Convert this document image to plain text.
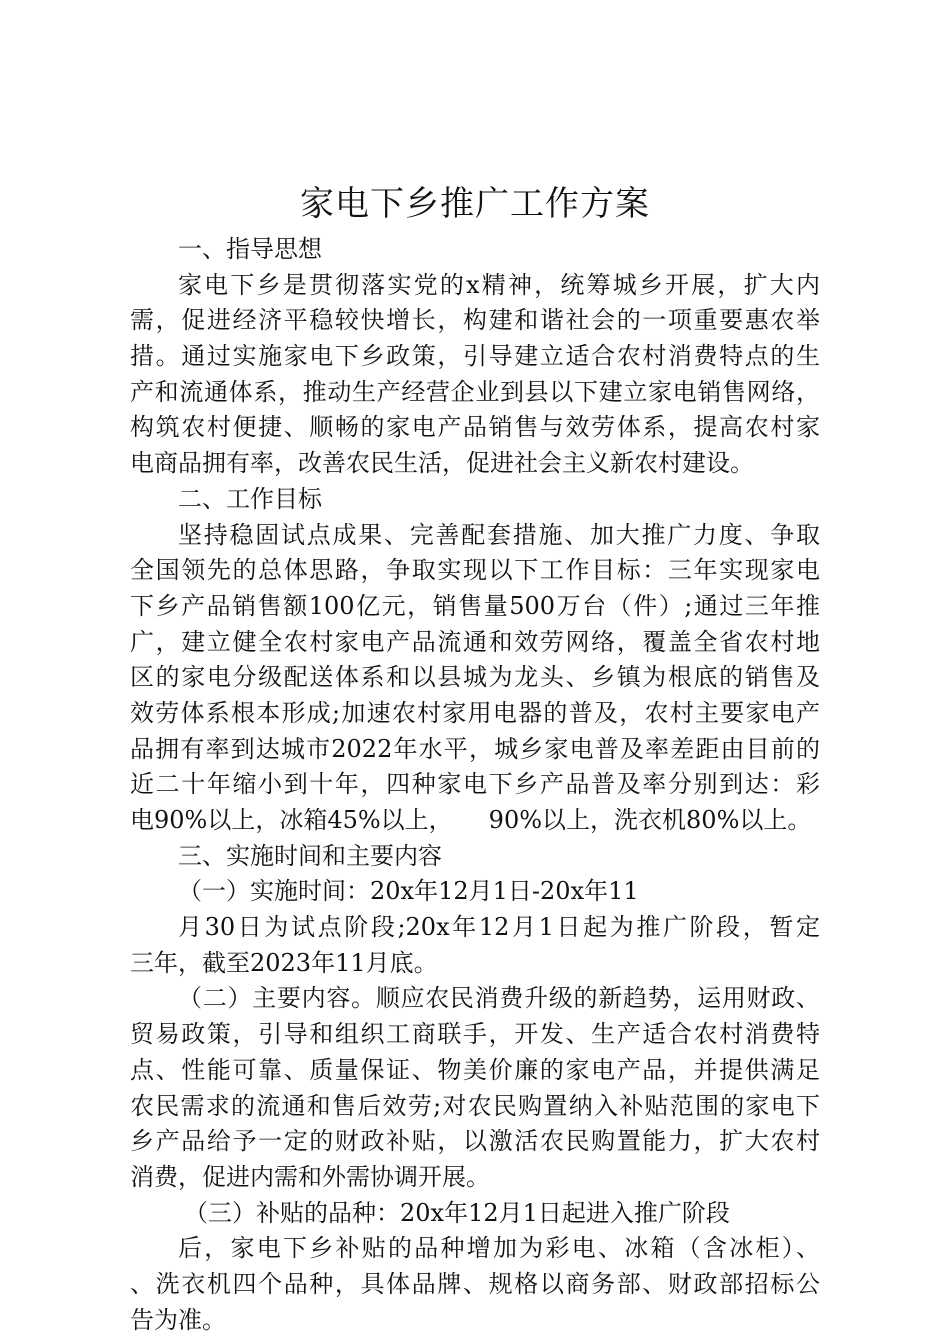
家电下乡推广工作方案
一、指导思想
家电下乡是贯彻落实党的x精神，统筹城乡开展，扩大内
需，促进经济平稳较快增长，构建和谐社会的一项重要惠农举
措。通过实施家电下乡政策，引导建立适合农村消费特点的生
产和流通体系，推动生产经营企业到县以下建立家电销售网络，
构筑农村便捷、顺畅的家电产品销售与效劳体系，提高农村家
电商品拥有率，改善农民生活，促进社会主义新农村建设。
二、工作目标
坚持稳固试点成果、完善配套措施、加大推广力度、争取
全国领先的总体思路，争取实现以下工作目标：三年实现家电
下乡产品销售额100亿元，销售量500万台（件）;通过三年推
广，建立健全农村家电产品流通和效劳网络，覆盖全省农村地
区的家电分级配送体系和以县城为龙头、乡镇为根底的销售及
效劳体系根本形成;加速农村家用电器的普及，农村主要家电产
品拥有率到达城市2022年水平，城乡家电普及率差距由目前的
近二十年缩小到十年，四种家电下乡产品普及率分别到达：彩
电90%以上，冰箱45%以上，　　90%以上，洗衣机80%以上。
三、实施时间和主要内容
（一）实施时间：20x年12月1日-20x年11
月30日为试点阶段;20x年12月1日起为推广阶段，暂定
三年，截至2023年11月底。
（二）主要内容。顺应农民消费升级的新趋势，运用财政、
贸易政策，引导和组织工商联手，开发、生产适合农村消费特
点、性能可靠、质量保证、物美价廉的家电产品，并提供满足
农民需求的流通和售后效劳;对农民购置纳入补贴范围的家电下
乡产品给予一定的财政补贴，以激活农民购置能力，扩大农村
消费，促进内需和外需协调开展。
（三）补贴的品种：20x年12月1日起进入推广阶段
后，家电下乡补贴的品种增加为彩电、冰箱（含冰柜）、
、洗衣机四个品种，具体品牌、规格以商务部、财政部招标公
告为准。
